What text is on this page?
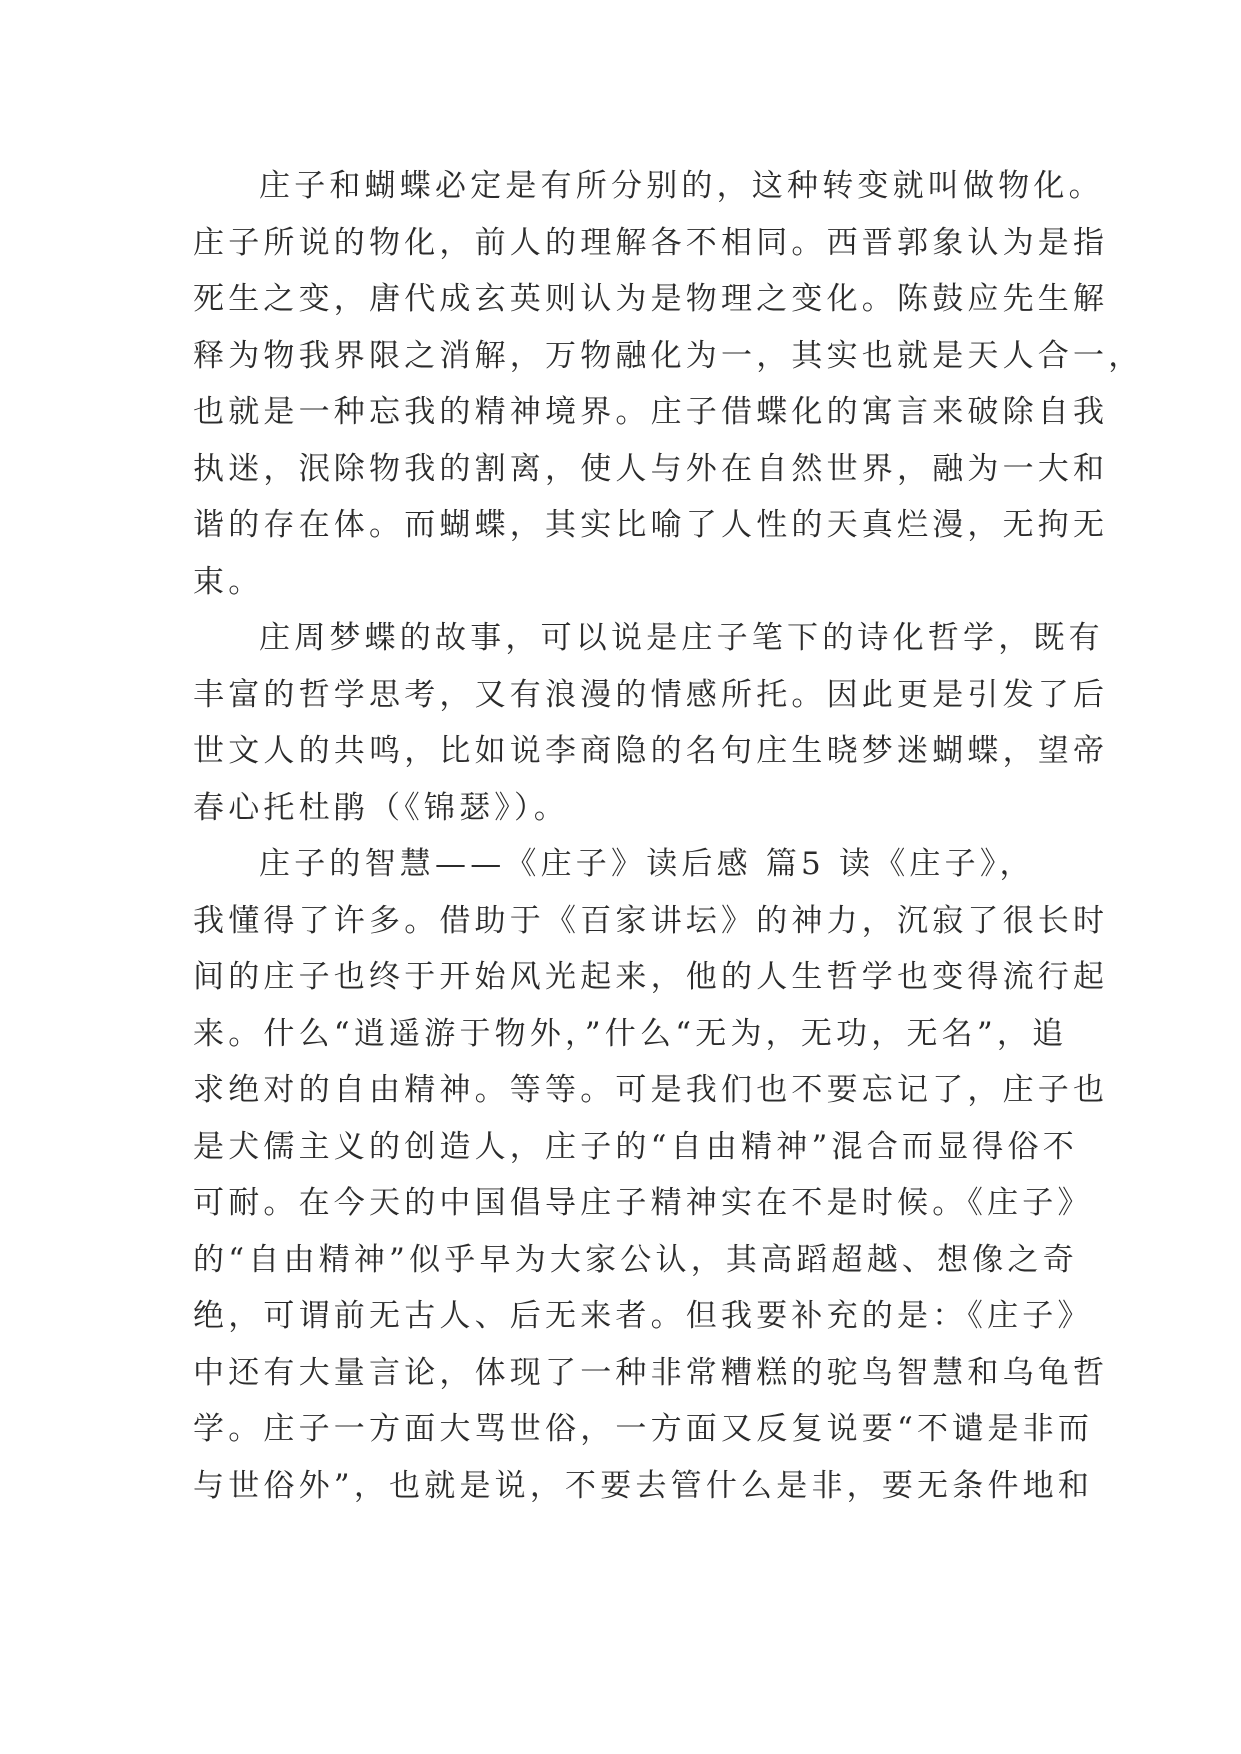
庄子和蝴蝶必定是有所分别的，这种转变就叫做物化。
庄子所说的物化，前人的理解各不相同。西晋郭象认为是指
死生之变，唐代成玄英则认为是物理之变化。陈鼓应先生解
释为物我界限之消解，万物融化为一，其实也就是天人合一，
也就是一种忘我的精神境界。庄子借蝶化的寓言来破除自我
执迷，泯除物我的割离，使人与外在自然世界，融为一大和
谐的存在体。而蝴蝶，其实比喻了人性的天真烂漫，无拘无
束。
庄周梦蝶的故事，可以说是庄子笔下的诗化哲学，既有
丰富的哲学思考，又有浪漫的情感所托。因此更是引发了后
世文人的共鸣，比如说李商隐的名句庄生晓梦迷蝴蝶，望帝
春心托杜鹃（《锦瑟》）。
庄子的智慧——《庄子》读后感 篇5 读《庄子》，
我懂得了许多。借助于《百家讲坛》的神力，沉寂了很长时
间的庄子也终于开始风光起来，他的人生哲学也变得流行起
来。什么“逍遥游于物外，”什么“无为，无功，无名”，追
求绝对的自由精神。等等。可是我们也不要忘记了，庄子也
是犬儒主义的创造人，庄子的“自由精神”混合而显得俗不
可耐。在今天的中国倡导庄子精神实在不是时候。《庄子》
的“自由精神”似乎早为大家公认，其高蹈超越、想像之奇
绝，可谓前无古人、后无来者。但我要补充的是：《庄子》
中还有大量言论，体现了一种非常糟糕的驼鸟智慧和乌龟哲
学。庄子一方面大骂世俗，一方面又反复说要“不谴是非而
与世俗外”，也就是说，不要去管什么是非，要无条件地和
